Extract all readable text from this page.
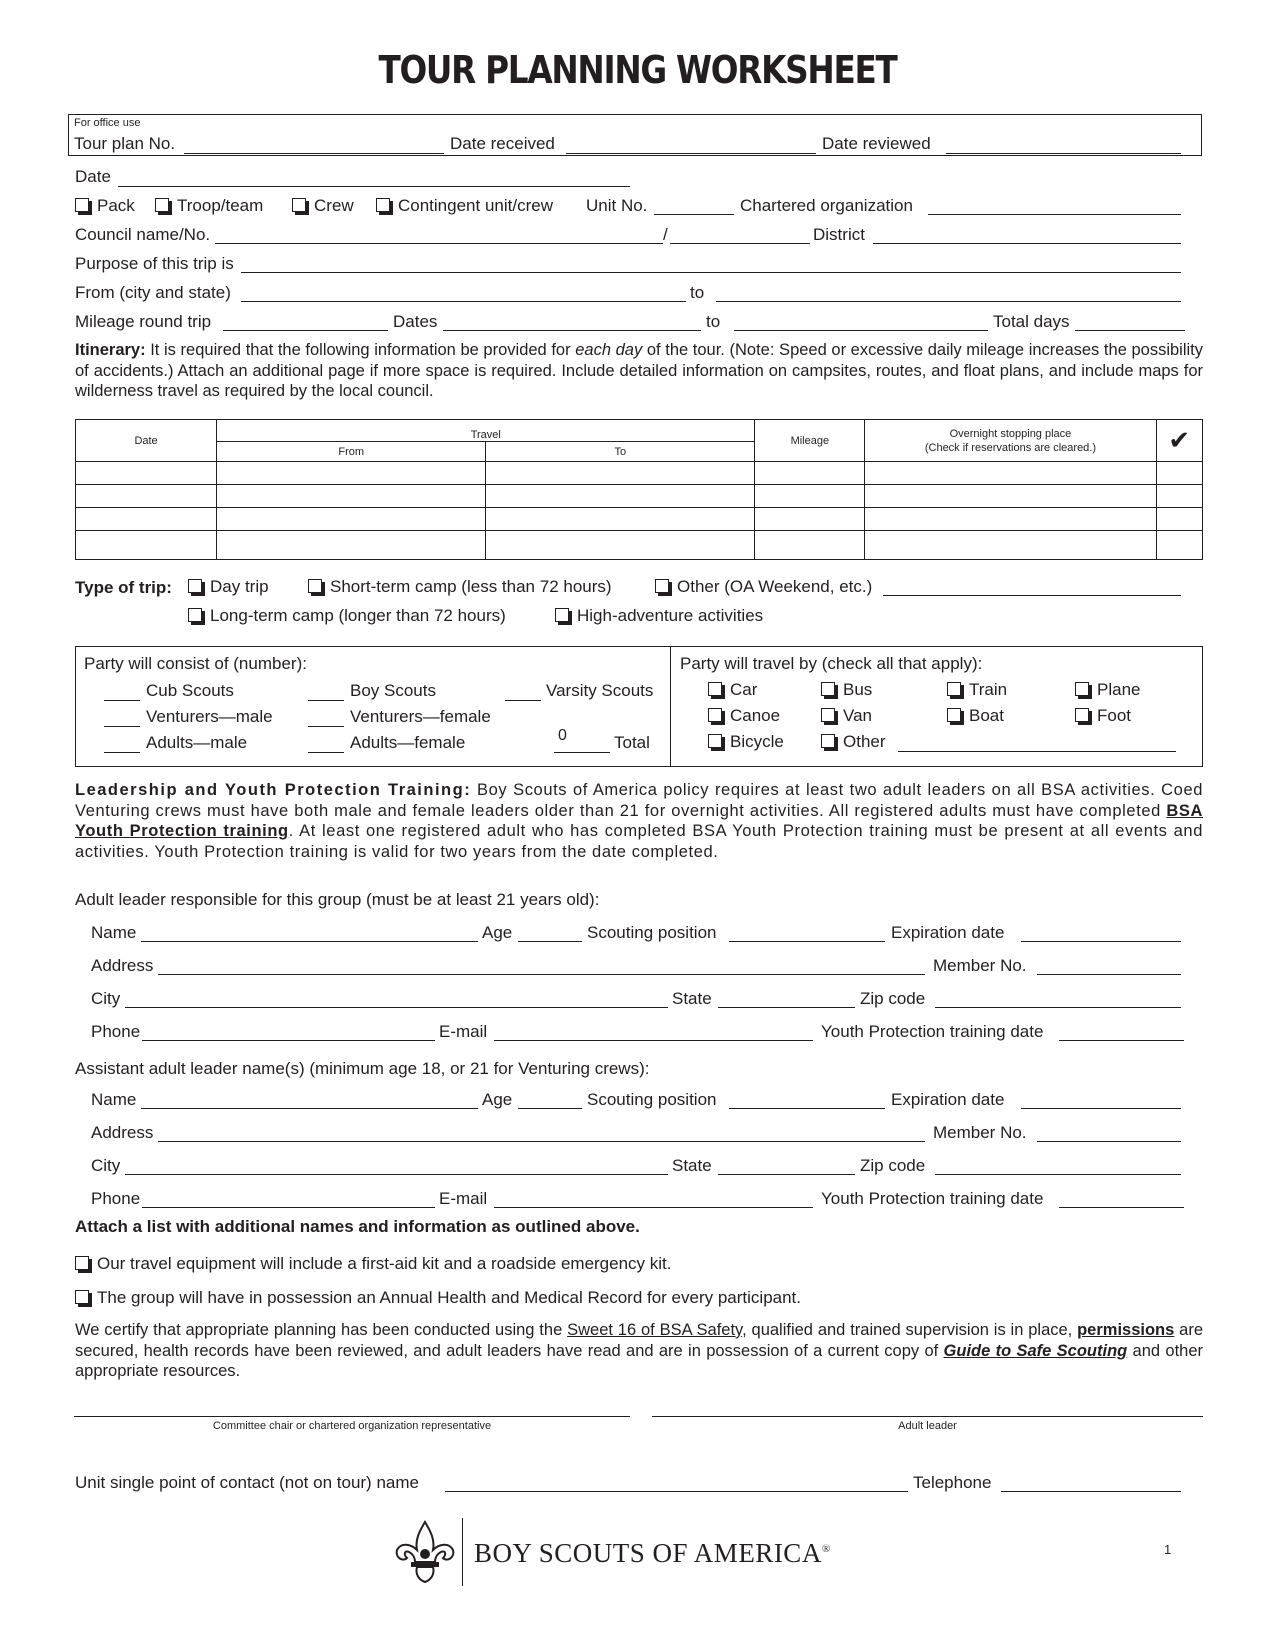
TOUR PLANNING WORKSHEET
For office use
Tour plan No.	Date received	Date reviewed
Date
Pack	Troop/team	Crew	Contingent unit/crew Unit No.	Chartered organization
Council name/No.	/	District
Purpose of this trip is
From (city and state)	to
Mileage round trip	Dates	to	Total days
Itinerary: It is required that the following information be provided for each day of the tour. (Note: Speed or excessive daily mileage increases the possibility of accidents.) Attach an additional page if more space is required. Include detailed information on campsites, routes, and float plans, and include maps for wilderness travel as required by the local council.
Date	Travel		Mileage	Overnight stopping place
(Check if reservations are cleared.)	✔
	From	To			

Type of trip:	Day trip	Short-term camp (less than 72 hours)	Other (OA Weekend, etc.)
Long-term camp (longer than 72 hours)	High-adventure activities
Party will consist of (number):
Cub Scouts	Boy Scouts	Varsity Scouts
Venturers—male	Venturers—female
Adults—male	Adults—female	0	Total
Party will travel by (check all that apply):
Car	Bus	Train	Plane
Canoe	Van	Boat	Foot
Bicycle	Other
Leadership and Youth Protection Training: Boy Scouts of America policy requires at least two adult leaders on all BSA activities. Coed Venturing crews must have both male and female leaders older than 21 for overnight activities. All registered adults must have completed BSA Youth Protection training. At least one registered adult who has completed BSA Youth Protection training must be present at all events and activities. Youth Protection training is valid for two years from the date completed.
Adult leader responsible for this group (must be at least 21 years old):
Name	Age	Scouting position	Expiration date
Address	Member No.
City	State	Zip code
Phone	E-mail	Youth Protection training date
Assistant adult leader name(s) (minimum age 18, or 21 for Venturing crews):
Name	Age	Scouting position	Expiration date
Address	Member No.
City	State	Zip code
Phone	E-mail	Youth Protection training date
Attach a list with additional names and information as outlined above.
Our travel equipment will include a first-aid kit and a roadside emergency kit.
The group will have in possession an Annual Health and Medical Record for every participant.
We certify that appropriate planning has been conducted using the Sweet 16 of BSA Safety, qualified and trained supervision is in place, permissions are secured, health records have been reviewed, and adult leaders have read and are in possession of a current copy of Guide to Safe Scouting and other appropriate resources.
Committee chair or chartered organization representative	Adult leader
Unit single point of contact (not on tour) name	Telephone
BOY SCOUTS OF AMERICA®	1
